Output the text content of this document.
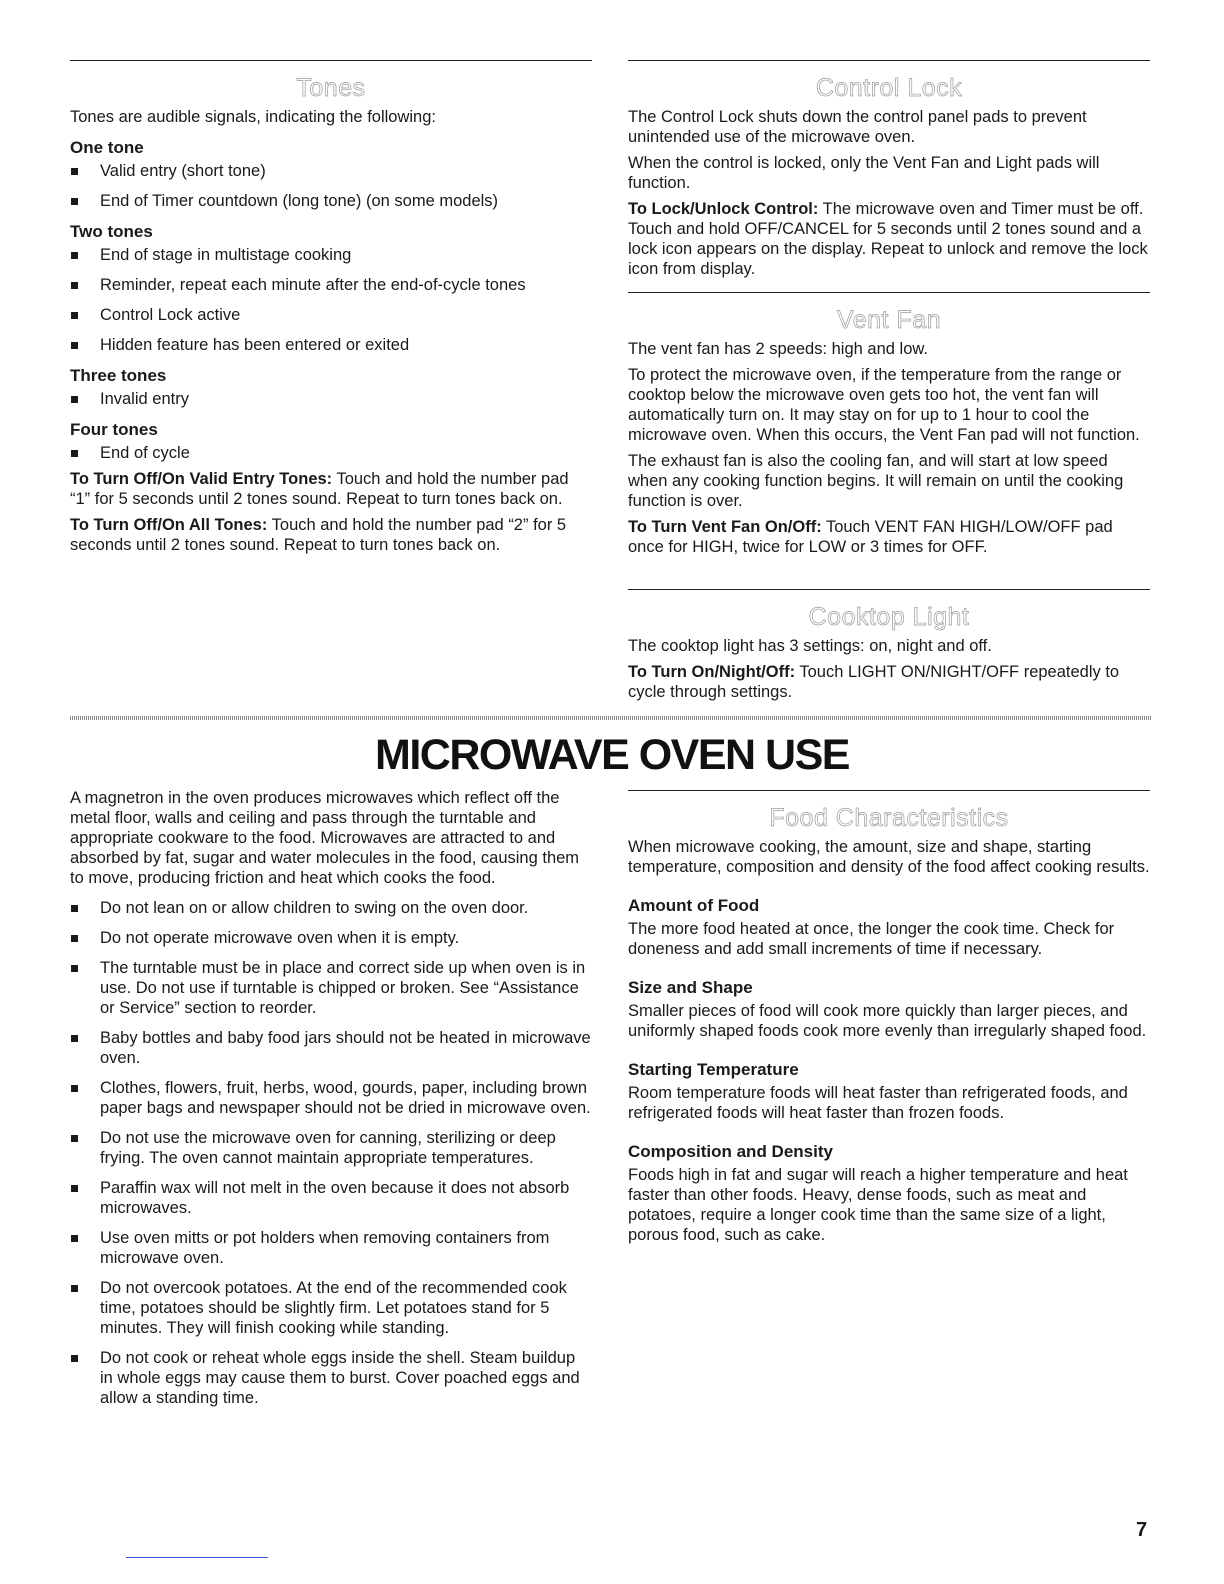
Tones

Tones are audible signals, indicating the following:

One tone
Valid entry (short tone)
End of Timer countdown (long tone) (on some models)
Two tones
End of stage in multistage cooking
Reminder, repeat each minute after the end-of-cycle tones
Control Lock active
Hidden feature has been entered or exited
Three tones
Invalid entry
Four tones
End of cycle

To Turn Off/On Valid Entry Tones: Touch and hold the number pad “1” for 5 seconds until 2 tones sound. Repeat to turn tones back on.

To Turn Off/On All Tones: Touch and hold the number pad “2” for 5 seconds until 2 tones sound. Repeat to turn tones back on.

Control Lock

The Control Lock shuts down the control panel pads to prevent unintended use of the microwave oven.

When the control is locked, only the Vent Fan and Light pads will function.

To Lock/Unlock Control: The microwave oven and Timer must be off. Touch and hold OFF/CANCEL for 5 seconds until 2 tones sound and a lock icon appears on the display. Repeat to unlock and remove the lock icon from display.

Vent Fan

The vent fan has 2 speeds: high and low.

To protect the microwave oven, if the temperature from the range or cooktop below the microwave oven gets too hot, the vent fan will automatically turn on. It may stay on for up to 1 hour to cool the microwave oven. When this occurs, the Vent Fan pad will not function.

The exhaust fan is also the cooling fan, and will start at low speed when any cooking function begins. It will remain on until the cooking function is over.

To Turn Vent Fan On/Off: Touch VENT FAN HIGH/LOW/OFF pad once for HIGH, twice for LOW or 3 times for OFF.

Cooktop Light

The cooktop light has 3 settings: on, night and off.

To Turn On/Night/Off: Touch LIGHT ON/NIGHT/OFF repeatedly to cycle through settings.

MICROWAVE OVEN USE

A magnetron in the oven produces microwaves which reflect off the metal floor, walls and ceiling and pass through the turntable and appropriate cookware to the food. Microwaves are attracted to and absorbed by fat, sugar and water molecules in the food, causing them to move, producing friction and heat which cooks the food.

Do not lean on or allow children to swing on the oven door.
Do not operate microwave oven when it is empty.
The turntable must be in place and correct side up when oven is in use. Do not use if turntable is chipped or broken. See “Assistance or Service” section to reorder.
Baby bottles and baby food jars should not be heated in microwave oven.
Clothes, flowers, fruit, herbs, wood, gourds, paper, including brown paper bags and newspaper should not be dried in microwave oven.
Do not use the microwave oven for canning, sterilizing or deep frying. The oven cannot maintain appropriate temperatures.
Paraffin wax will not melt in the oven because it does not absorb microwaves.
Use oven mitts or pot holders when removing containers from microwave oven.
Do not overcook potatoes. At the end of the recommended cook time, potatoes should be slightly firm. Let potatoes stand for 5 minutes. They will finish cooking while standing.
Do not cook or reheat whole eggs inside the shell. Steam buildup in whole eggs may cause them to burst. Cover poached eggs and allow a standing time.
Food Characteristics

When microwave cooking, the amount, size and shape, starting temperature, composition and density of the food affect cooking results.

Amount of Food

The more food heated at once, the longer the cook time. Check for doneness and add small increments of time if necessary.

Size and Shape

Smaller pieces of food will cook more quickly than larger pieces, and uniformly shaped foods cook more evenly than irregularly shaped food.

Starting Temperature

Room temperature foods will heat faster than refrigerated foods, and refrigerated foods will heat faster than frozen foods.

Composition and Density

Foods high in fat and sugar will reach a higher temperature and heat faster than other foods. Heavy, dense foods, such as meat and potatoes, require a longer cook time than the same size of a light, porous food, such as cake.

7
